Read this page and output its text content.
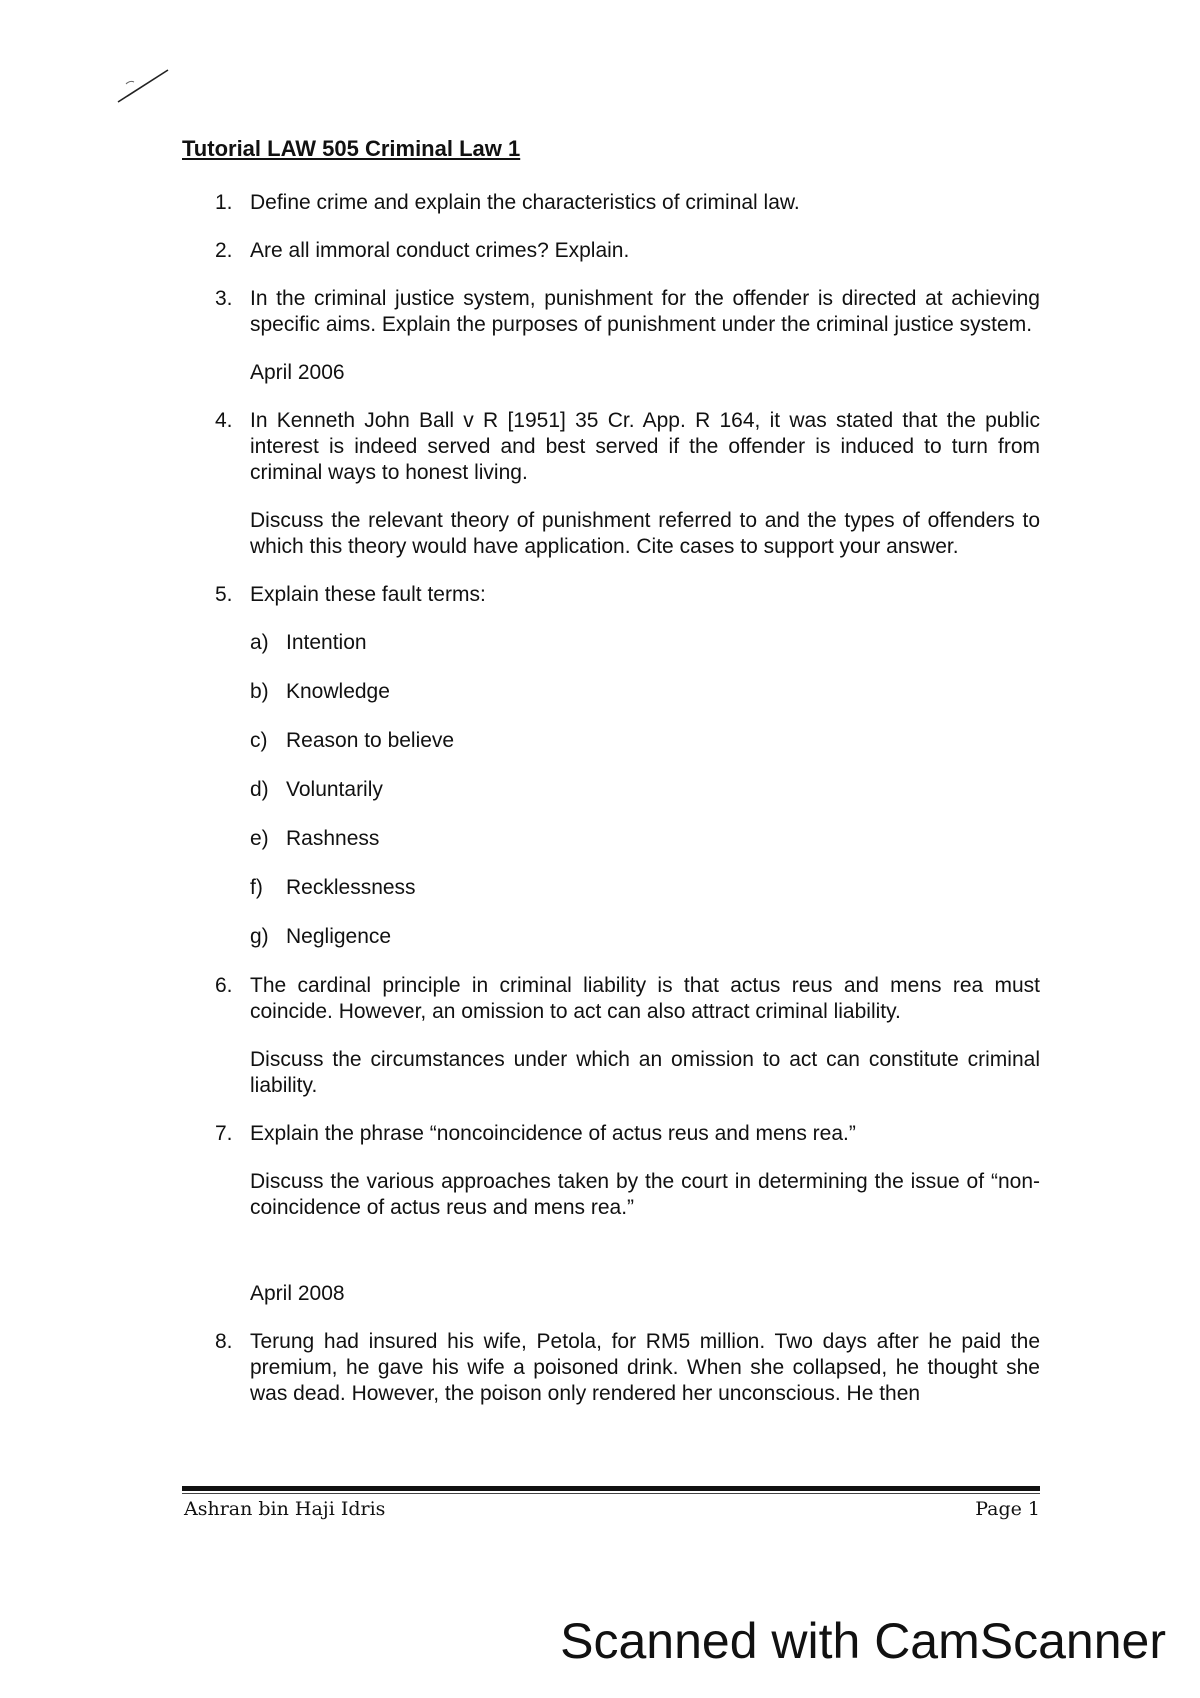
Tutorial LAW 505 Criminal Law 1
1. Define crime and explain the characteristics of criminal law.

2. Are all immoral conduct crimes? Explain.

3. In the criminal justice system, punishment for the offender is directed at achieving specific aims. Explain the purposes of punishment under the criminal justice system.

April 2006
4. In Kenneth John Ball v R [1951] 35 Cr. App. R 164, it was stated that the public interest is indeed served and best served if the offender is induced to turn from criminal ways to honest living.

Discuss the relevant theory of punishment referred to and the types of offenders to which this theory would have application. Cite cases to support your answer.

5. Explain these fault terms:

a) Intention
b) Knowledge
c) Reason to believe
d) Voluntarily
e) Rashness
f) Recklessness
g) Negligence
6. The cardinal principle in criminal liability is that actus reus and mens rea must coincide. However, an omission to act can also attract criminal liability.

Discuss the circumstances under which an omission to act can constitute criminal liability.

7. Explain the phrase “noncoincidence of actus reus and mens rea.”

Discuss the various approaches taken by the court in determining the issue of “non-coincidence of actus reus and mens rea.”

April 2008
8. Terung had insured his wife, Petola, for RM5 million. Two days after he paid the premium, he gave his wife a poisoned drink. When she collapsed, he thought she was dead. However, the poison only rendered her unconscious. He then

Ashran bin Haji Idris	Page 1
Scanned with CamScanner
